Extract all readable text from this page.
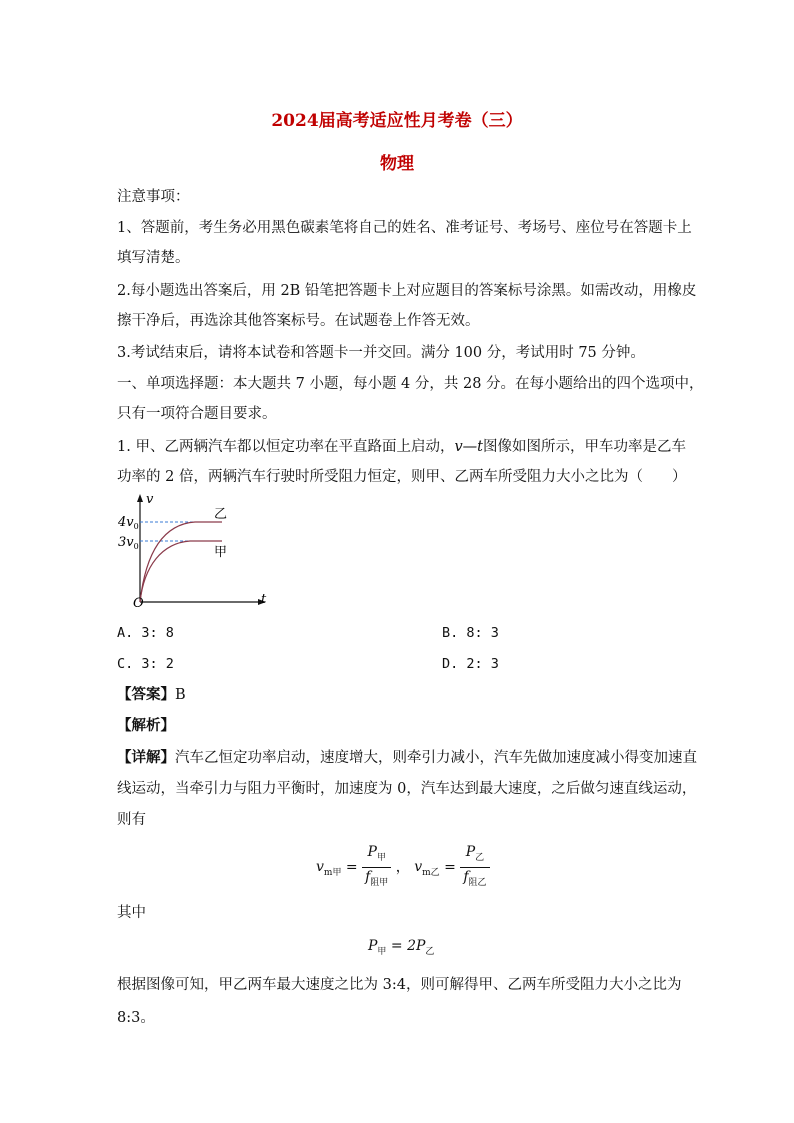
2024届高考适应性月考卷（三）
物理
注意事项：
1、答题前，考生务必用黑色碳素笔将自己的姓名、准考证号、考场号、座位号在答题卡上
填写清楚。
2.每小题选出答案后，用 2B 铅笔把答题卡上对应题目的答案标号涂黑。如需改动，用橡皮
擦干净后，再选涂其他答案标号。在试题卷上作答无效。
3.考试结束后，请将本试卷和答题卡一并交回。满分 100 分，考试用时 75 分钟。
一、单项选择题：本大题共 7 小题，每小题 4 分，共 28 分。在每小题给出的四个选项中，
只有一项符合题目要求。
1. 甲、乙两辆汽车都以恒定功率在平直路面上启动，v—t图像如图所示，甲车功率是乙车
功率的 2 倍，两辆汽车行驶时所受阻力恒定，则甲、乙两车所受阻力大小之比为（　　）
v
t
O
$4v_0$
$3v_0$
乙
甲
A. 3: 8	B. 8: 3
C. 3: 2	D. 2: 3
【答案】B
【解析】
【详解】汽车乙恒定功率启动，速度增大，则牵引力减小，汽车先做加速度减小得变加速直
线运动，当牵引力与阻力平衡时，加速度为 0，汽车达到最大速度，之后做匀速直线运动，
则有
$v_{m甲} = \frac{P_甲}{f_{阻甲}}$ ， $v_{m乙} = \frac{P_乙}{f_{阻乙}}$
其中
$P_甲 = 2P_乙$
根据图像可知，甲乙两车最大速度之比为 3:4，则可解得甲、乙两车所受阻力大小之比为
8:3。
